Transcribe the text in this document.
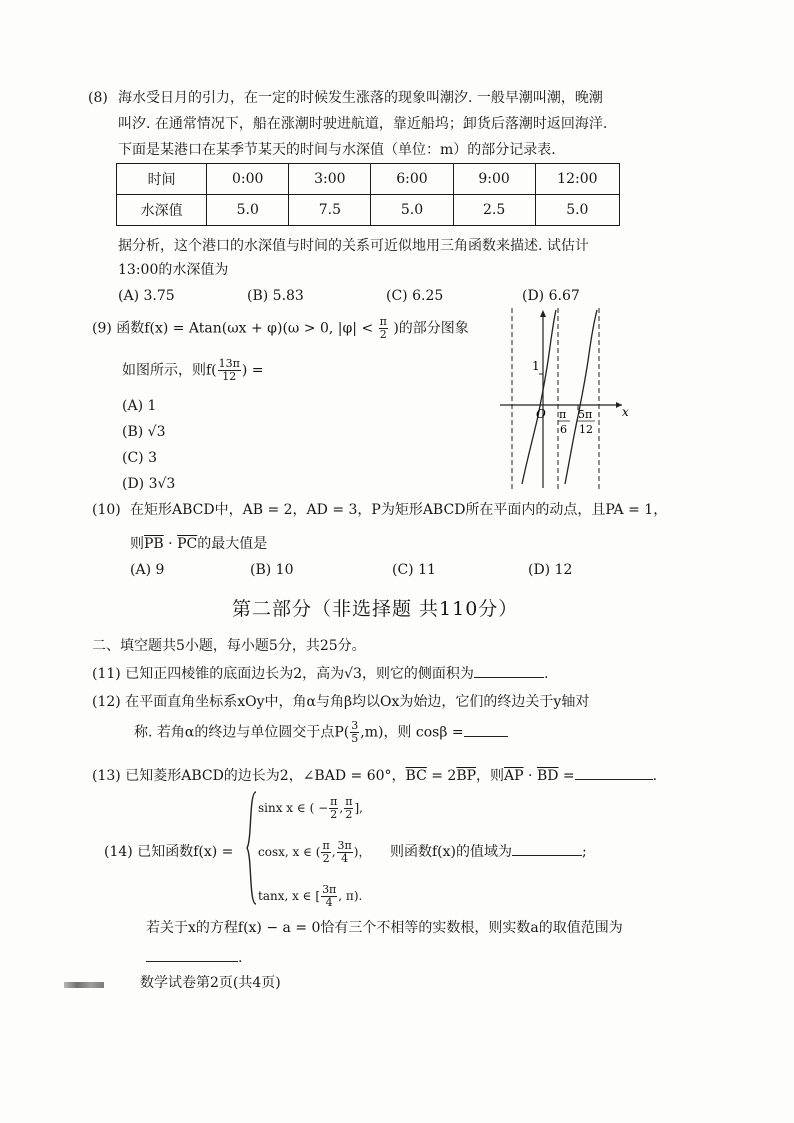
(8) 海水受日月的引力，在一定的时候发生涨落的现象叫潮汐. 一般早潮叫潮，晚潮
叫汐. 在通常情况下，船在涨潮时驶进航道，靠近船坞；卸货后落潮时返回海洋.
下面是某港口在某季节某天的时间与水深值（单位：m）的部分记录表.
时间	0:00	3:00	6:00	9:00	12:00
水深值	5.0	7.5	5.0	2.5	5.0
据分析，这个港口的水深值与时间的关系可近似地用三角函数来描述. 试估计
13:00的水深值为
(A) 3.75	(B) 5.83	(C) 6.25	(D) 6.67
(9) 函数f(x) = Atan(ωx + φ)(ω > 0, $|\varphi| < \frac{\pi}{2}$ )的部分图象
如图所示，则$f( \frac{13\pi}{12}$ ) =
(A) 1
(B) √3
(C) 3
(D) 3√3
1
O	x
π
6
5π
12
(10) 在矩形ABCD中，AB = 2，AD = 3，P为矩形ABCD所在平面内的动点，且PA = 1，
则$\overline{PB} \cdot \overline{PC}$的最大值是
(A) 9	(B) 10	(C) 11	(D) 12
第二部分（非选择题 共110分）
二、填空题共5小题，每小题5分，共25分。
(11) 已知正四棱锥的底面边长为2，高为√3，则它的侧面积为	.
(12) 在平面直角坐标系xOy中，角α与角β均以Ox为始边，它们的终边关于y轴对
称. 若角α的终边与单位圆交于点$P( \frac{3}{5} ,m)$，则 cosβ =
(13) 已知菱形ABCD的边长为2，∠BAD = 60°，$\overline{BC} = 2\overline{BP}$，则$\overline{AP} \cdot \overline{BD}$ =	.
(14) 已知函数f(x) =
sinx x ∈ ( − $\frac{\pi}{2}$ , $\frac{\pi}{2}$ ],
cosx, x ∈ ( $\frac{\pi}{2}$ , $\frac{3\pi}{4}$ )， 则函数f(x)的值域为	;
tanx, x ∈ [ $\frac{3\pi}{4}$ , π).
若关于x的方程f(x) − a = 0恰有三个不相等的实数根，则实数a的取值范围为
.
数学试卷第2页(共4页)
